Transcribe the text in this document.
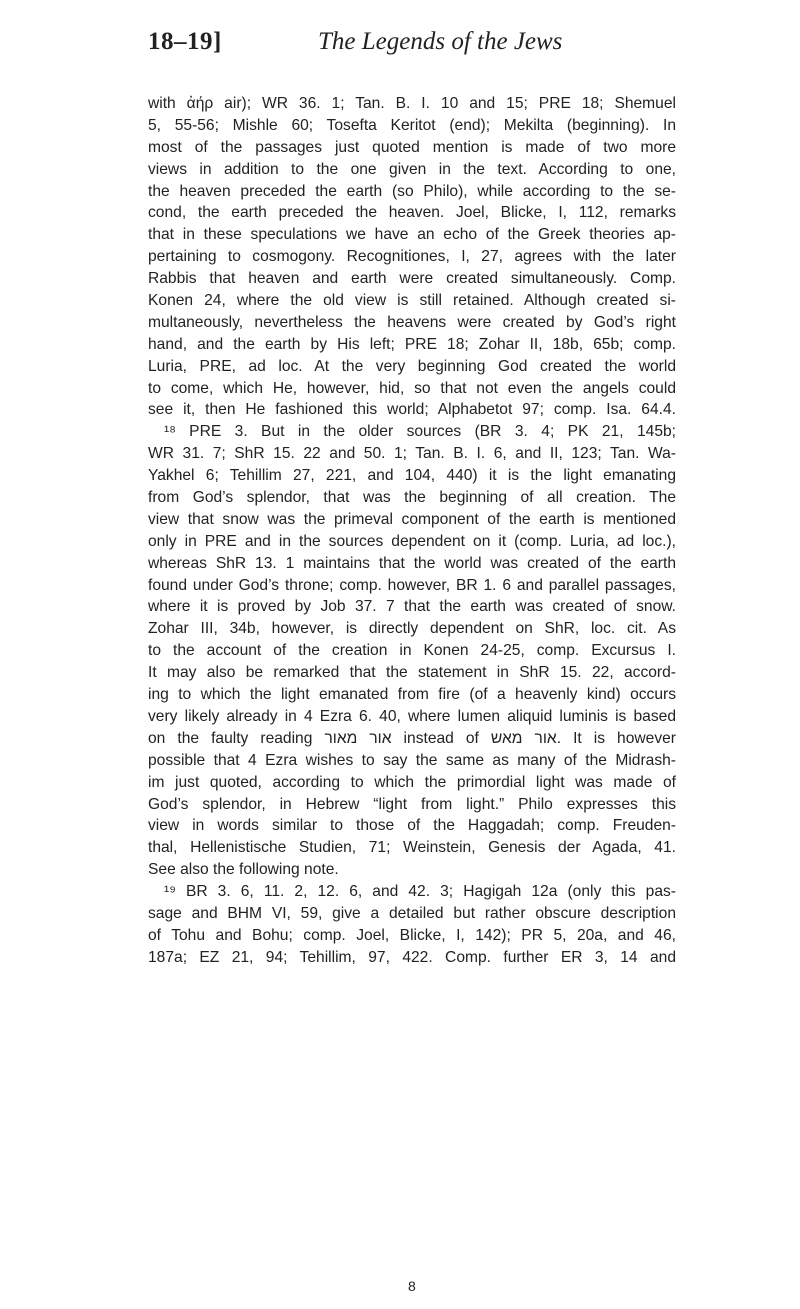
18–19]	The Legends of the Jews
with ἀήρ air); WR 36. 1; Tan. B. I. 10 and 15; PRE 18; Shemuel
5, 55-56; Mishle 60; Tosefta Keritot (end); Mekilta (beginning). In
most of the passages just quoted mention is made of two more
views in addition to the one given in the text. According to one,
the heaven preceded the earth (so Philo), while according to the se-
cond, the earth preceded the heaven. Joel, Blicke, I, 112, remarks
that in these speculations we have an echo of the Greek theories ap-
pertaining to cosmogony. Recognitiones, I, 27, agrees with the later
Rabbis that heaven and earth were created simultaneously. Comp.
Konen 24, where the old view is still retained. Although created si-
multaneously, nevertheless the heavens were created by God’s right
hand, and the earth by His left; PRE 18; Zohar II, 18b, 65b; comp.
Luria, PRE, ad loc. At the very beginning God created the world
to come, which He, however, hid, so that not even the angels could
see it, then He fashioned this world; Alphabetot 97; comp. Isa. 64.4.
¹⁸ PRE 3. But in the older sources (BR 3. 4; PK 21, 145b;
WR 31. 7; ShR 15. 22 and 50. 1; Tan. B. I. 6, and II, 123; Tan. Wa-
Yakhel 6; Tehillim 27, 221, and 104, 440) it is the light emanating
from God’s splendor, that was the beginning of all creation. The
view that snow was the primeval component of the earth is mentioned
only in PRE and in the sources dependent on it (comp. Luria, ad loc.),
whereas ShR 13. 1 maintains that the world was created of the earth
found under God’s throne; comp. however, BR 1. 6 and parallel passages,
where it is proved by Job 37. 7 that the earth was created of snow.
Zohar III, 34b, however, is directly dependent on ShR, loc. cit. As
to the account of the creation in Konen 24-25, comp. Excursus I.
It may also be remarked that the statement in ShR 15. 22, accord-
ing to which the light emanated from fire (of a heavenly kind) occurs
very likely already in 4 Ezra 6. 40, where lumen aliquid luminis is based
on the faulty reading אור מאור instead of אור מאש. It is however
possible that 4 Ezra wishes to say the same as many of the Midrash-
im just quoted, according to which the primordial light was made of
God’s splendor, in Hebrew “light from light.” Philo expresses this
view in words similar to those of the Haggadah; comp. Freuden-
thal, Hellenistische Studien, 71; Weinstein, Genesis der Agada, 41.
See also the following note.
¹⁹ BR 3. 6, 11. 2, 12. 6, and 42. 3; Hagigah 12a (only this pas-
sage and BHM VI, 59, give a detailed but rather obscure description
of Tohu and Bohu; comp. Joel, Blicke, I, 142); PR 5, 20a, and 46,
187a; EZ 21, 94; Tehillim, 97, 422. Comp. further ER 3, 14 and
8
